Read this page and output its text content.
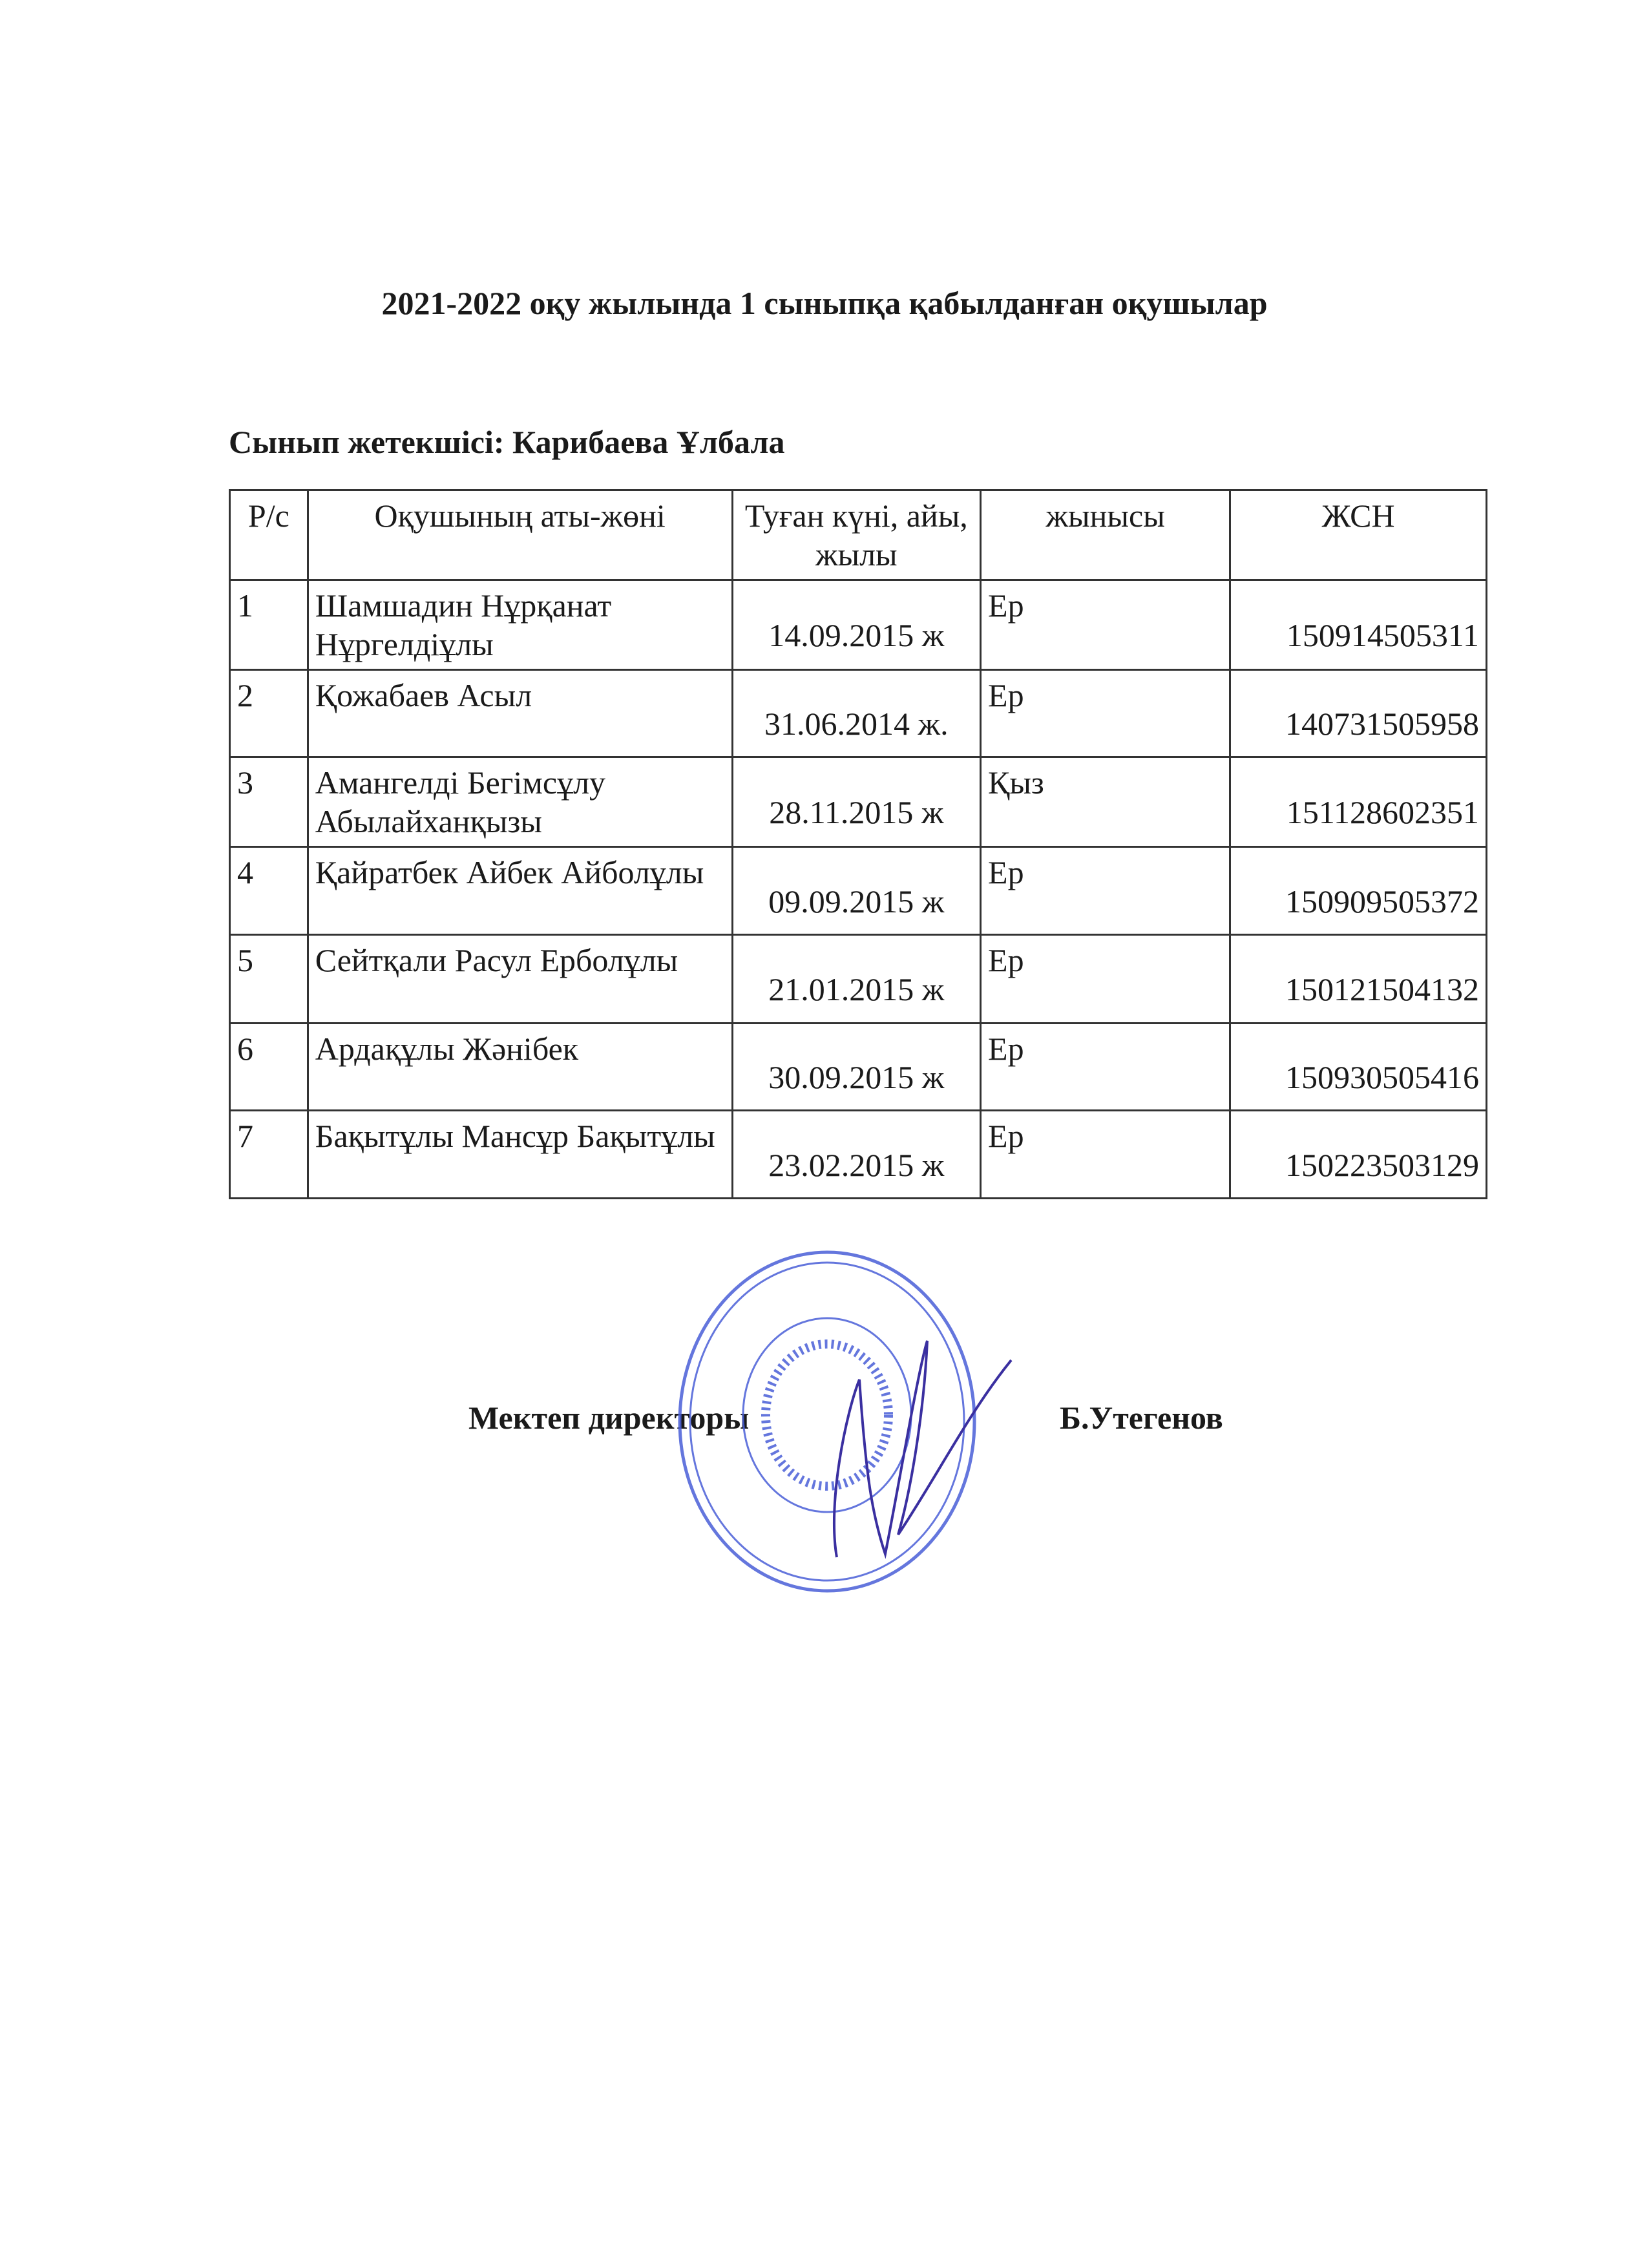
2021-2022 оқу жылында 1 сыныпқа қабылданған оқушылар
Сынып жетекшісі: Карибаева Ұлбала
Р/с	Оқушының аты-жөні	Туған күні, айы, жылы	жынысы	ЖСН
1	Шамшадин Нұрқанат Нұргелдіұлы	14.09.2015 ж	Ер	150914505311
2	Қожабаев Асыл	31.06.2014 ж.	Ер	140731505958
3	Амангелді Бегімсұлу Абылайханқызы	28.11.2015 ж	Қыз	151128602351
4	Қайратбек Айбек Айболұлы	09.09.2015 ж	Ер	150909505372
5	Сейтқали Расул Ерболұлы	21.01.2015 ж	Ер	150121504132
6	Ардақұлы Жәнібек	30.09.2015 ж	Ер	150930505416
7	Бақытұлы Мансұр Бақытұлы	23.02.2015 ж	Ер	150223503129
Мектеп директоры	Б.Утегенов
